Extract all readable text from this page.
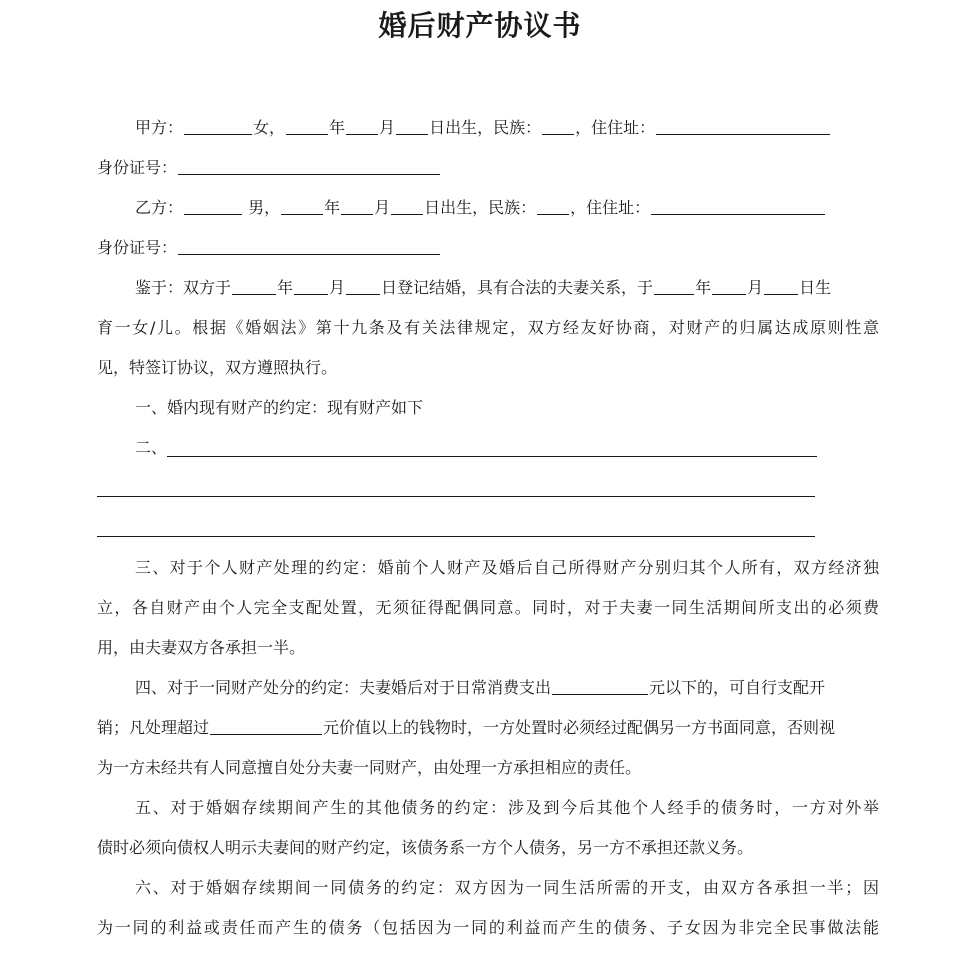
婚后财产协议书
甲方：	女，	年 月 日出生，民族： ，住住址：
身份证号：
乙方：	男，	年 月 日出生，民族： ，住住址：
身份证号：
鉴于：双方于	年 月 日登记结婚，具有合法的夫妻关系，于	年 月 日生
育一女/儿。根据《婚姻法》第十九条及有关法律规定，双方经友好协商，对财产的归属达成原则性意
见，特签订协议，双方遵照执行。
一、婚内现有财产的约定：现有财产如下
二、
三、对于个人财产处理的约定：婚前个人财产及婚后自己所得财产分别归其个人所有，双方经济独
立，各自财产由个人完全支配处置，无须征得配偶同意。同时，对于夫妻一同生活期间所支出的必须费
用，由夫妻双方各承担一半。
四、对于一同财产处分的约定：夫妻婚后对于日常消费支出	元以下的，可自行支配开
销；凡处理超过	元价值以上的钱物时，一方处置时必须经过配偶另一方书面同意，否则视
为一方未经共有人同意擅自处分夫妻一同财产，由处理一方承担相应的责任。
五、对于婚姻存续期间产生的其他债务的约定：涉及到今后其他个人经手的债务时，一方对外举
债时必须向债权人明示夫妻间的财产约定，该债务系一方个人债务，另一方不承担还款义务。
六、对于婚姻存续期间一同债务的约定：双方因为一同生活所需的开支，由双方各承担一半；因
为一同的利益或责任而产生的债务（包括因为一同的利益而产生的债务、子女因为非完全民事做法能
